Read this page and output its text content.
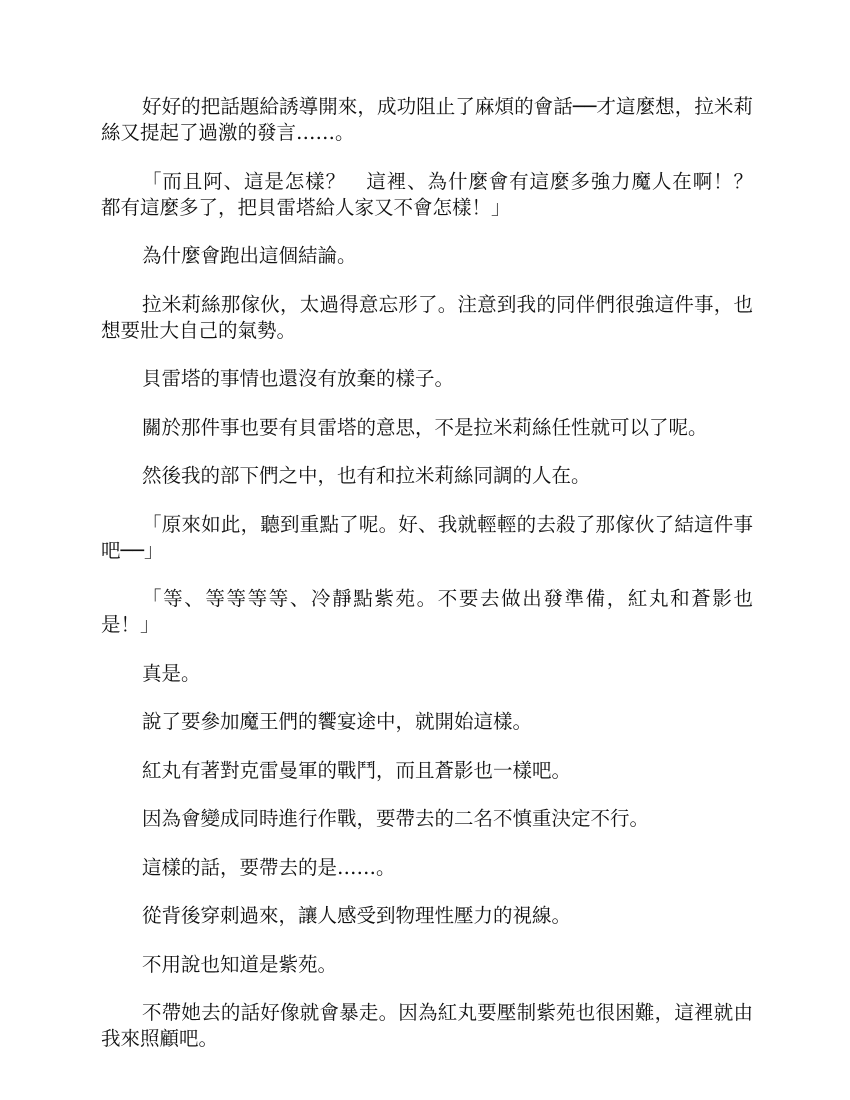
好好的把話題給誘導開來，成功阻止了麻煩的會話──才這麼想，拉米莉絲又提起了過激的發言……。

「而且阿、這是怎樣？　這裡、為什麼會有這麼多強力魔人在啊！？　都有這麼多了，把貝雷塔給人家又不會怎樣！」

為什麼會跑出這個結論。

拉米莉絲那傢伙，太過得意忘形了。注意到我的同伴們很強這件事，也想要壯大自己的氣勢。

貝雷塔的事情也還沒有放棄的樣子。

關於那件事也要有貝雷塔的意思，不是拉米莉絲任性就可以了呢。

然後我的部下們之中，也有和拉米莉絲同調的人在。

「原來如此，聽到重點了呢。好、我就輕輕的去殺了那傢伙了結這件事吧──」

「等、等等等等、冷靜點紫苑。不要去做出發準備，紅丸和蒼影也是！」

真是。

說了要參加魔王們的饗宴途中，就開始這樣。

紅丸有著對克雷曼軍的戰鬥，而且蒼影也一樣吧。

因為會變成同時進行作戰，要帶去的二名不慎重決定不行。

這樣的話，要帶去的是……。

從背後穿刺過來，讓人感受到物理性壓力的視線。

不用說也知道是紫苑。

不帶她去的話好像就會暴走。因為紅丸要壓制紫苑也很困難，這裡就由我來照顧吧。
